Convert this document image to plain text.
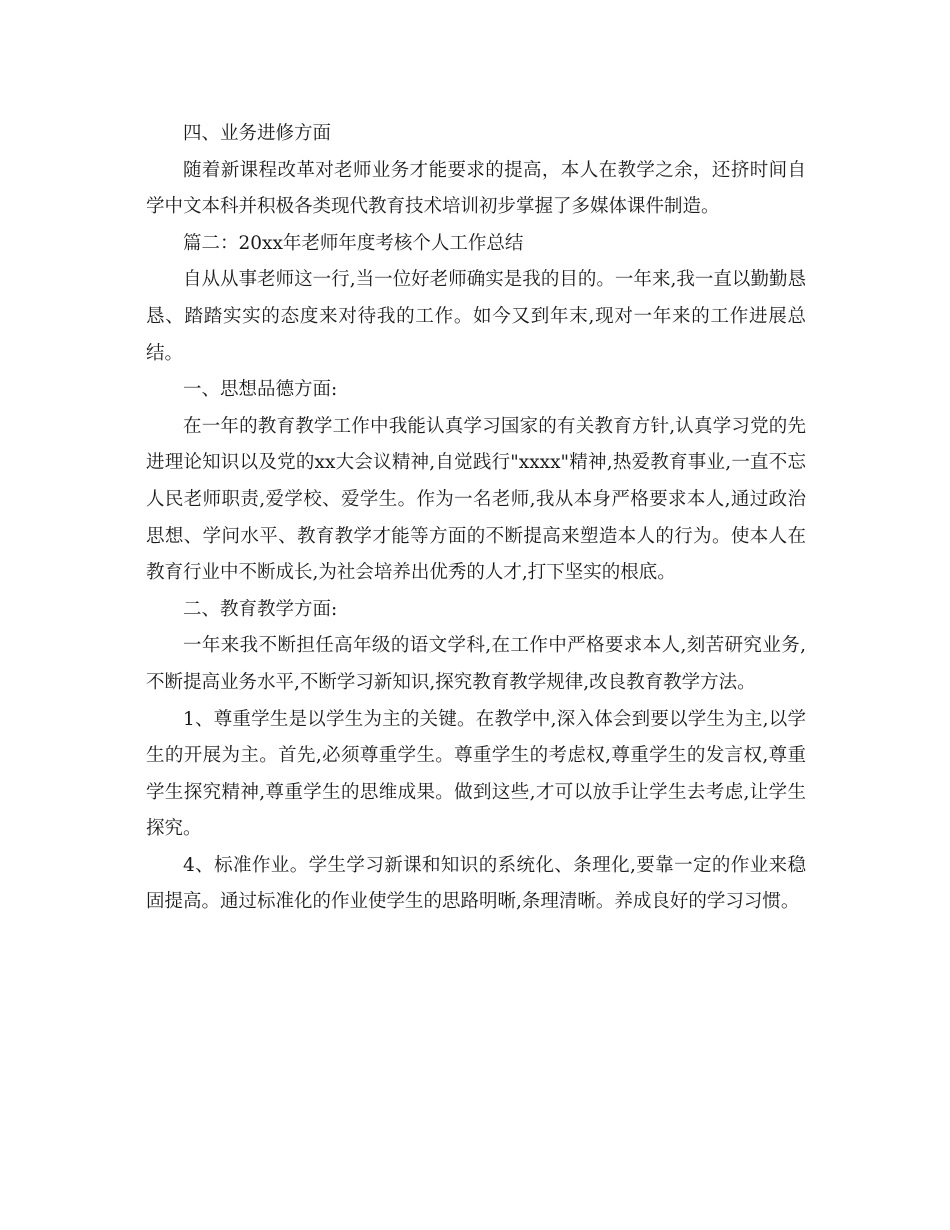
四、业务进修方面

随着新课程改革对老师业务才能要求的提高，本人在教学之余，还挤时间自学中文本科并积极各类现代教育技术培训初步掌握了多媒体课件制造。

篇二：20xx年老师年度考核个人工作总结

自从从事老师这一行,当一位好老师确实是我的目的。一年来,我一直以勤勤恳恳、踏踏实实的态度来对待我的工作。如今又到年末,现对一年来的工作进展总结。

一、思想品德方面:

在一年的教育教学工作中我能认真学习国家的有关教育方针,认真学习党的先进理论知识以及党的xx大会议精神,自觉践行"xxxx"精神,热爱教育事业,一直不忘人民老师职责,爱学校、爱学生。作为一名老师,我从本身严格要求本人,通过政治思想、学问水平、教育教学才能等方面的不断提高来塑造本人的行为。使本人在教育行业中不断成长,为社会培养出优秀的人才,打下坚实的根底。

二、教育教学方面:

一年来我不断担任高年级的语文学科,在工作中严格要求本人,刻苦研究业务,不断提高业务水平,不断学习新知识,探究教育教学规律,改良教育教学方法。

1、尊重学生是以学生为主的关键。在教学中,深入体会到要以学生为主,以学生的开展为主。首先,必须尊重学生。尊重学生的考虑权,尊重学生的发言权,尊重学生探究精神,尊重学生的思维成果。做到这些,才可以放手让学生去考虑,让学生探究。

4、标准作业。学生学习新课和知识的系统化、条理化,要靠一定的作业来稳固提高。通过标准化的作业使学生的思路明晰,条理清晰。养成良好的学习习惯。
